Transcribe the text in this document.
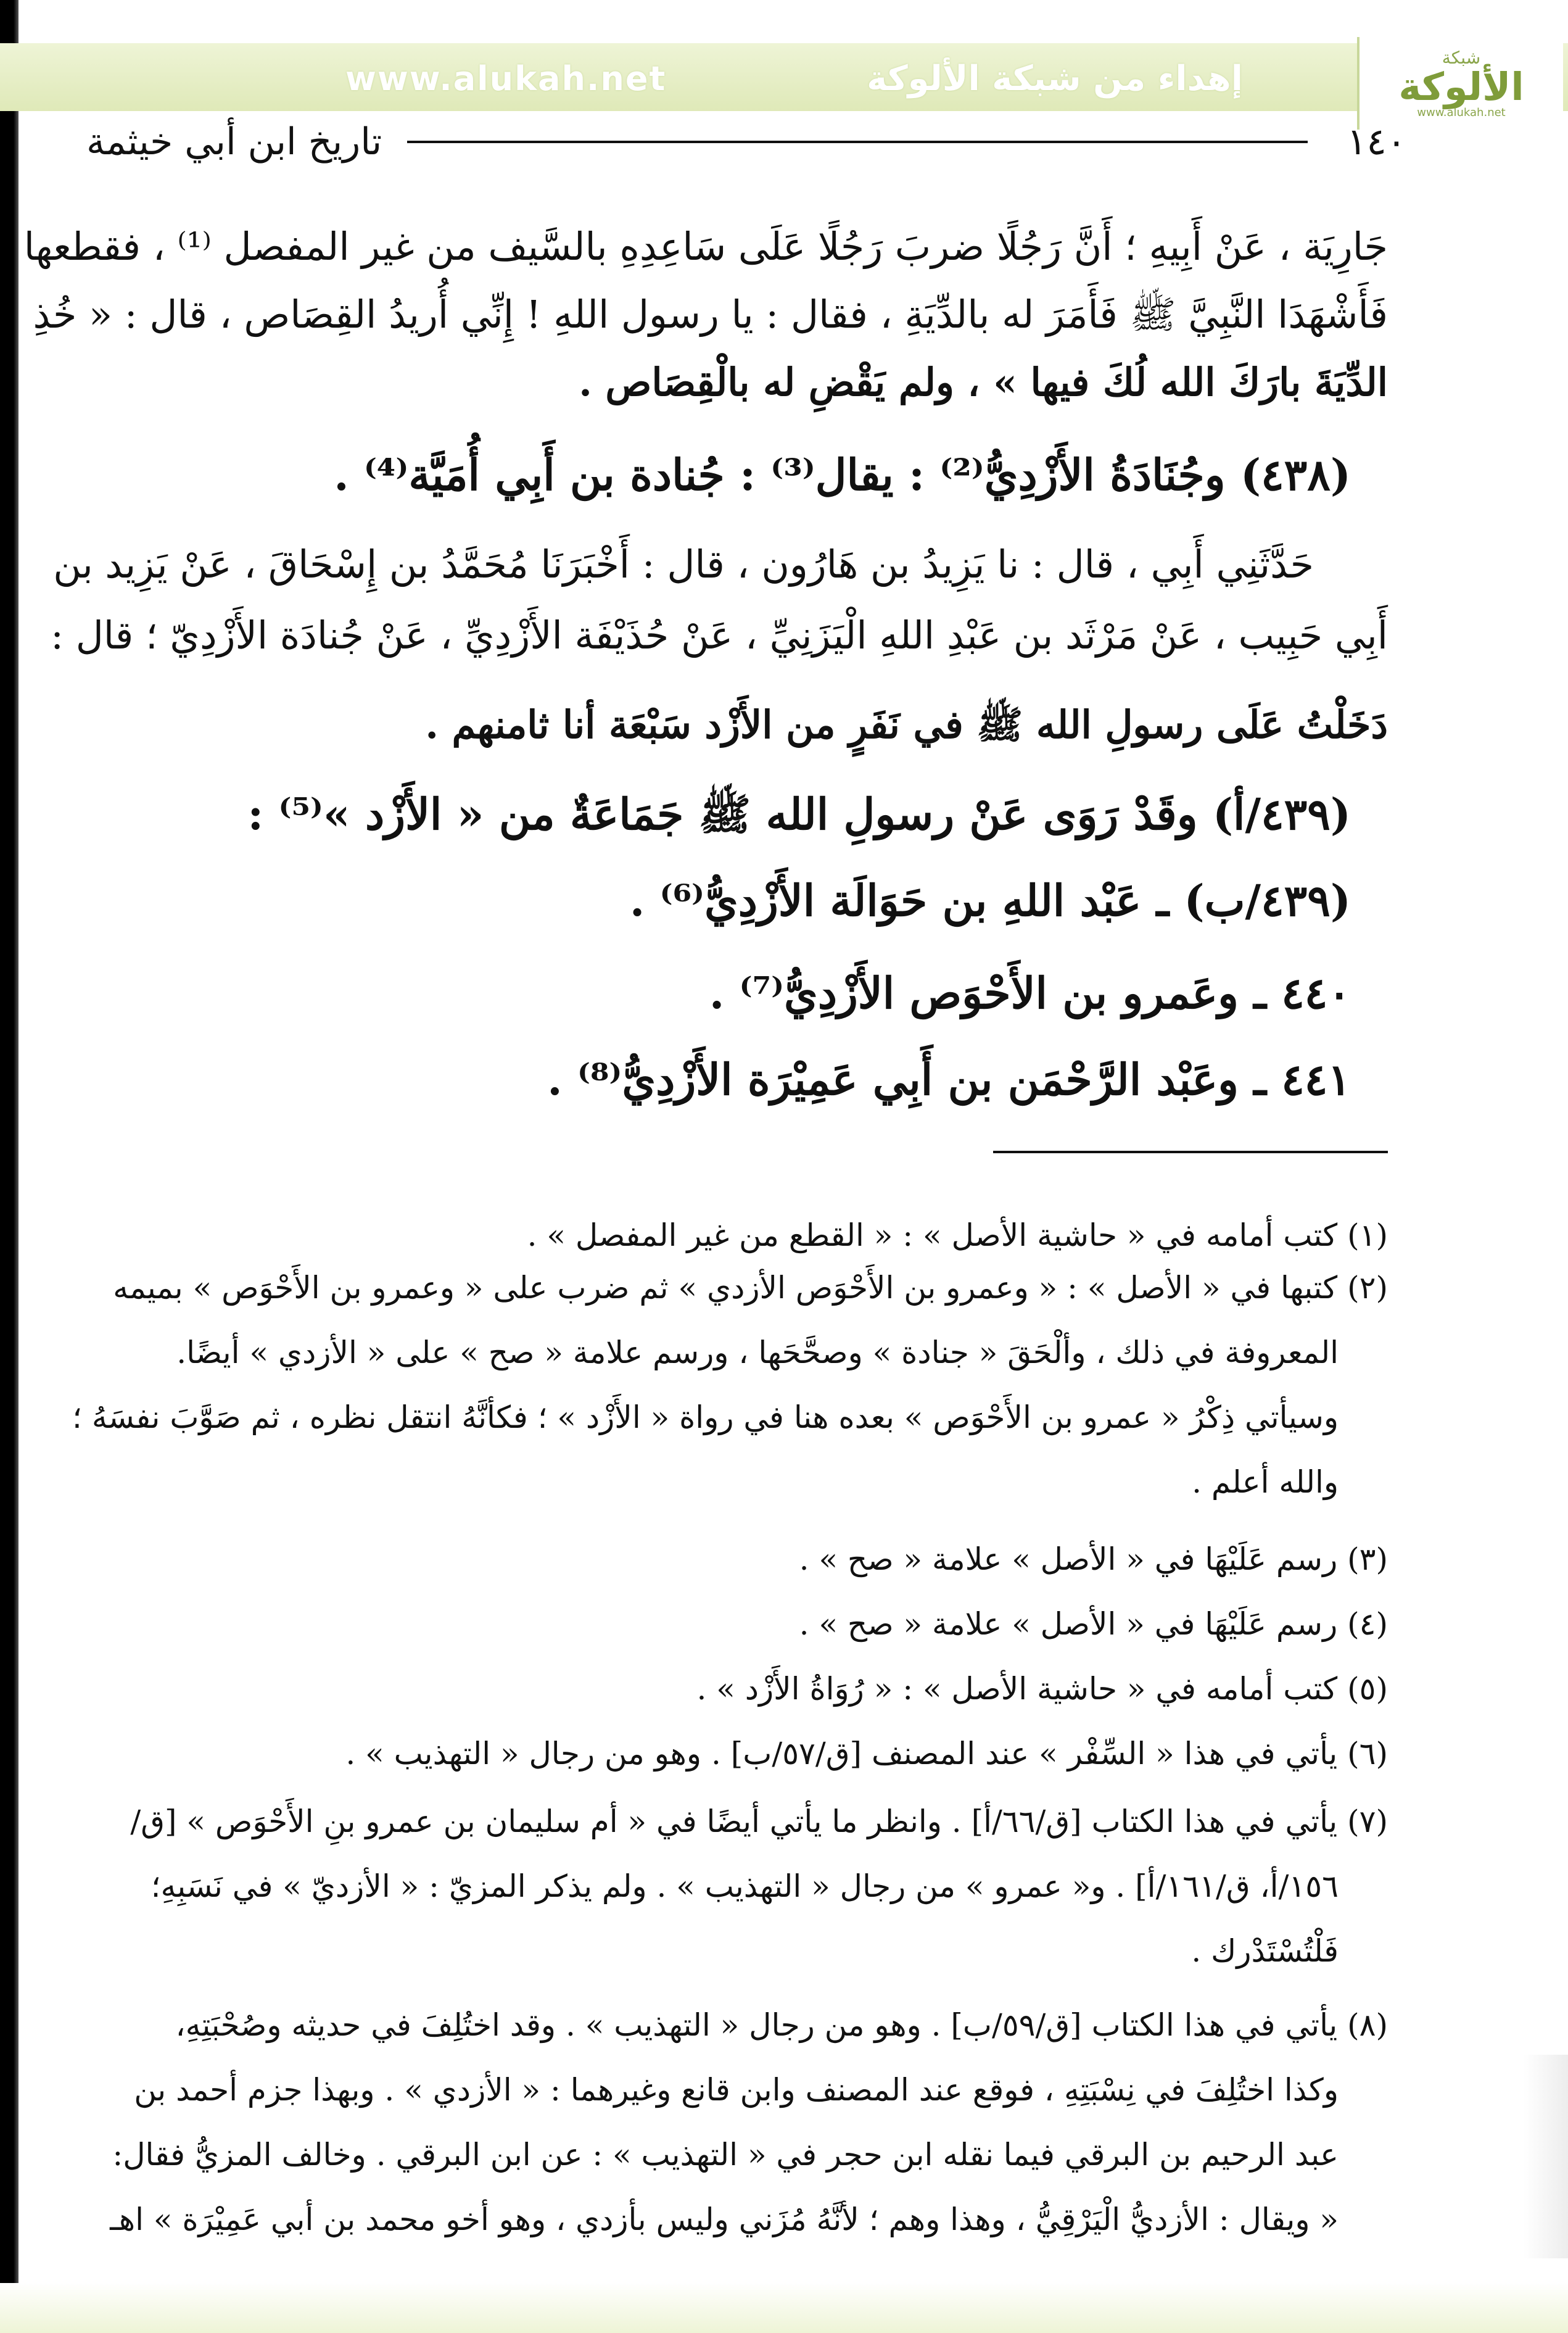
www.alukah.net	إهداء من شبكة الألوكة
شبكة
الألوكة
www.alukah.net
تاريخ ابن أبي خيثمة	١٤٠
جَارِيَة ، عَنْ أَبِيهِ ؛ أَنَّ رَجُلًا ضربَ رَجُلًا عَلَى سَاعِدِهِ بالسَّيف من غير المفصل ⁽¹⁾ ، فقطعها
فَأَشْهَدَا النَّبِيَّ ﷺ فَأَمَرَ له بالدِّيَةِ ، فقال : يا رسول اللهِ ! إِنِّي أُريدُ القِصَاص ، قال : « خُذِ
الدِّيَةَ بارَكَ الله لُكَ فيها » ، ولم يَقْضِ له بالْقِصَاص .
(٤٣٨) وجُنَادَةُ الأَزْدِيُّ⁽²⁾ : يقال⁽³⁾ : جُنادة بن أَبِي أُمَيَّة⁽⁴⁾ .
حَدَّثَنِي أَبِي ، قال : نا يَزِيدُ بن هَارُون ، قال : أَخْبَرَنَا مُحَمَّدُ بن إِسْحَاقَ ، عَنْ يَزِيد بن
أَبِي حَبِيب ، عَنْ مَرْثَد بن عَبْدِ اللهِ الْيَزَنِيِّ ، عَنْ حُذَيْفَة الأَزْدِيِّ ، عَنْ جُنادَة الأَزْدِيّ ؛ قال :
دَخَلْتُ عَلَى رسولِ الله ﷺ في نَفَرٍ من الأَزْد سَبْعَة أنا ثامنهم .
(٤٣٩/أ) وقَدْ رَوَى عَنْ رسولِ الله ﷺ جَمَاعَةٌ من « الأَزْد »⁽⁵⁾ :
(٤٣٩/ب) ـ عَبْد اللهِ بن حَوَالَة الأَزْدِيُّ⁽⁶⁾ .
٤٤٠ ـ وعَمرو بن الأَحْوَص الأَزْدِيُّ⁽⁷⁾ .
٤٤١ ـ وعَبْد الرَّحْمَن بن أَبِي عَمِيْرَة الأَزْدِيُّ⁽⁸⁾ .
(١) كتب أمامه في « حاشية الأصل » : « القطع من غير المفصل » .
(٢) كتبها في « الأصل » : « وعمرو بن الأَحْوَص الأزدي » ثم ضرب على « وعمرو بن الأَحْوَص » بميمه
المعروفة في ذلك ، وألْحَقَ « جنادة » وصحَّحَها ، ورسم علامة « صح » على « الأزدي » أيضًا.
وسيأتي ذِكْرُ « عمرو بن الأَحْوَص » بعده هنا في رواة « الأَزْد » ؛ فكأنَّهُ انتقل نظره ، ثم صَوَّبَ نفسَهُ ؛
والله أعلم .
(٣) رسم عَلَيْهَا في « الأصل » علامة « صح » .
(٤) رسم عَلَيْهَا في « الأصل » علامة « صح » .
(٥) كتب أمامه في « حاشية الأصل » : « رُوَاةُ الأَزْد » .
(٦) يأتي في هذا « السِّفْر » عند المصنف [ق/٥٧/ب] . وهو من رجال « التهذيب » .
(٧) يأتي في هذا الكتاب [ق/٦٦/أ] . وانظر ما يأتي أيضًا في « أم سليمان بن عمرو بنِ الأَحْوَص » [ق/
١٥٦/أ، ق/١٦١/أ] . و« عمرو » من رجال « التهذيب » . ولم يذكر المزيّ : « الأزديّ » في نَسَبِهِ؛
فَلْتُسْتَدْرك .
(٨) يأتي في هذا الكتاب [ق/٥٩/ب] . وهو من رجال « التهذيب » . وقد اختُلِفَ في حديثه وصُحْبَتِهِ،
وكذا اختُلِفَ في نِسْبَتِهِ ، فوقع عند المصنف وابن قانع وغيرهما : « الأزدي » . وبهذا جزم أحمد بن
عبد الرحيم بن البرقي فيما نقله ابن حجر في « التهذيب » : عن ابن البرقي . وخالف المزيُّ فقال:
« ويقال : الأزديُّ الْيَرْقِيُّ ، وهذا وهم ؛ لأنَّهُ مُزَني وليس بأزدي ، وهو أخو محمد بن أبي عَمِيْرَة » اهـ
